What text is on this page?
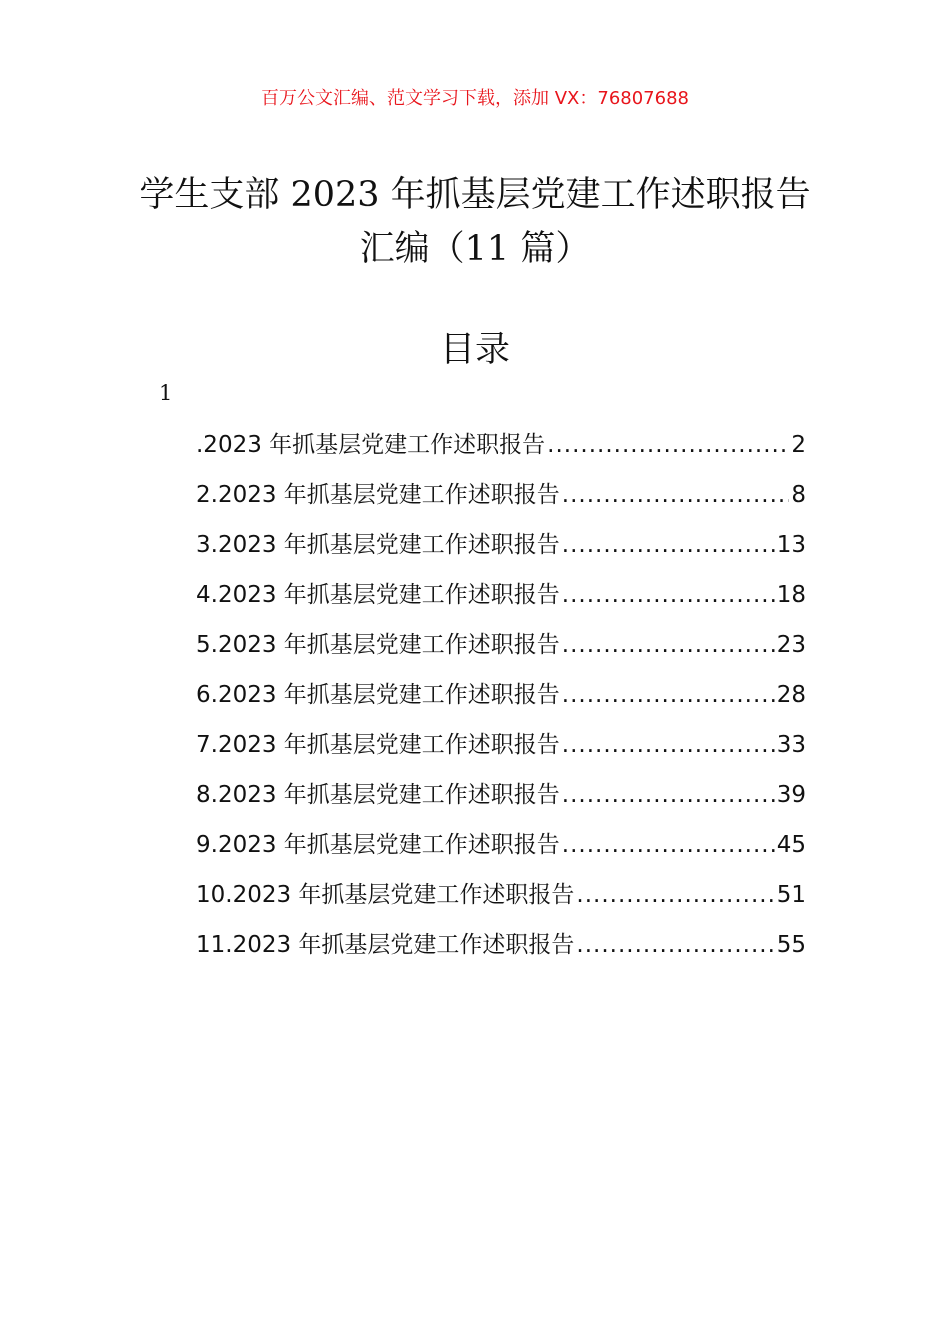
百万公文汇编、范文学习下载，添加 VX：76807688
学生支部 2023 年抓基层党建工作述职报告
汇编（11 篇）
目录
1
.2023 年抓基层党建工作述职报告 .....	2
2.2023 年抓基层党建工作述职报告 .....	8
3.2023 年抓基层党建工作述职报告 .....	13
4.2023 年抓基层党建工作述职报告 .....	18
5.2023 年抓基层党建工作述职报告 .....	23
6.2023 年抓基层党建工作述职报告 .....	28
7.2023 年抓基层党建工作述职报告 .....	33
8.2023 年抓基层党建工作述职报告 .....	39
9.2023 年抓基层党建工作述职报告 .....	45
10.2023 年抓基层党建工作述职报告 .....	51
11.2023 年抓基层党建工作述职报告 .....	55
